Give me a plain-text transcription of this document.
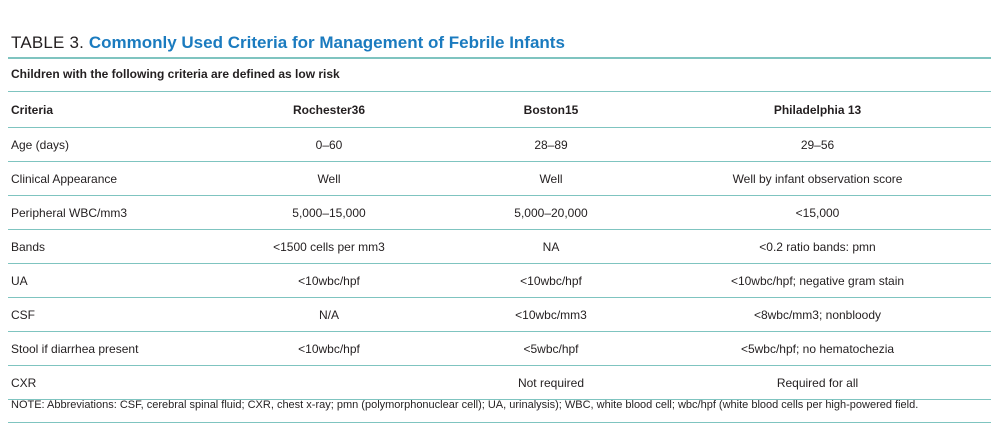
TABLE 3. Commonly Used Criteria for Management of Febrile Infants
Children with the following criteria are defined as low risk
Criteria	Rochester36	Boston15	Philadelphia 13
Age (days)	0–60	28–89	29–56
Clinical Appearance	Well	Well	Well by infant observation score
Peripheral WBC/mm3	5,000–15,000	5,000–20,000	<15,000
Bands	<1500 cells per mm3	NA	<0.2 ratio bands: pmn
UA	<10wbc/hpf	<10wbc/hpf	<10wbc/hpf; negative gram stain
CSF	N/A	<10wbc/mm3	<8wbc/mm3; nonbloody
Stool if diarrhea present	<10wbc/hpf	<5wbc/hpf	<5wbc/hpf; no hematochezia
CXR		Not required	Required for all
NOTE: Abbreviations: CSF, cerebral spinal fluid; CXR, chest x-ray; pmn (polymorphonuclear cell); UA, urinalysis); WBC, white blood cell; wbc/hpf (white blood cells per high-powered field.
